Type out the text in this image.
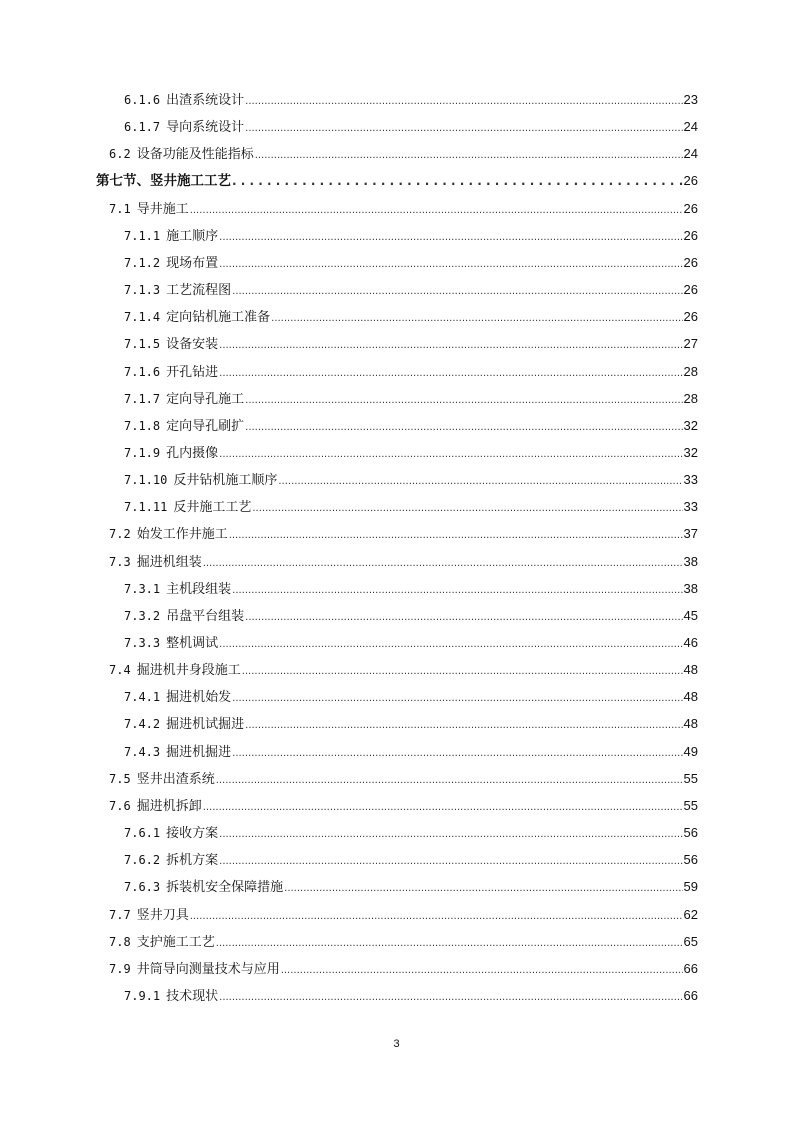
6.1.6 出渣系统设计 .....	23
6.1.7 导向系统设计 .....	24
6.2 设备功能及性能指标 .....	24
第七节、竖井施工工艺 .....	26
7.1 导井施工 .....	26
7.1.1 施工顺序 .....	26
7.1.2 现场布置 .....	26
7.1.3 工艺流程图 .....	26
7.1.4 定向钻机施工准备 .....	26
7.1.5 设备安装 .....	27
7.1.6 开孔钻进 .....	28
7.1.7 定向导孔施工 .....	28
7.1.8 定向导孔刷扩 .....	32
7.1.9 孔内摄像 .....	32
7.1.10 反井钻机施工顺序 .....	33
7.1.11 反井施工工艺 .....	33
7.2 始发工作井施工 .....	37
7.3 掘进机组装 .....	38
7.3.1 主机段组装 .....	38
7.3.2 吊盘平台组装 .....	45
7.3.3 整机调试 .....	46
7.4 掘进机井身段施工 .....	48
7.4.1 掘进机始发 .....	48
7.4.2 掘进机试掘进 .....	48
7.4.3 掘进机掘进 .....	49
7.5 竖井出渣系统 .....	55
7.6 掘进机拆卸 .....	55
7.6.1 接收方案 .....	56
7.6.2 拆机方案 .....	56
7.6.3 拆装机安全保障措施 .....	59
7.7 竖井刀具 .....	62
7.8 支护施工工艺 .....	65
7.9 井筒导向测量技术与应用 .....	66
7.9.1 技术现状 .....	66
3
